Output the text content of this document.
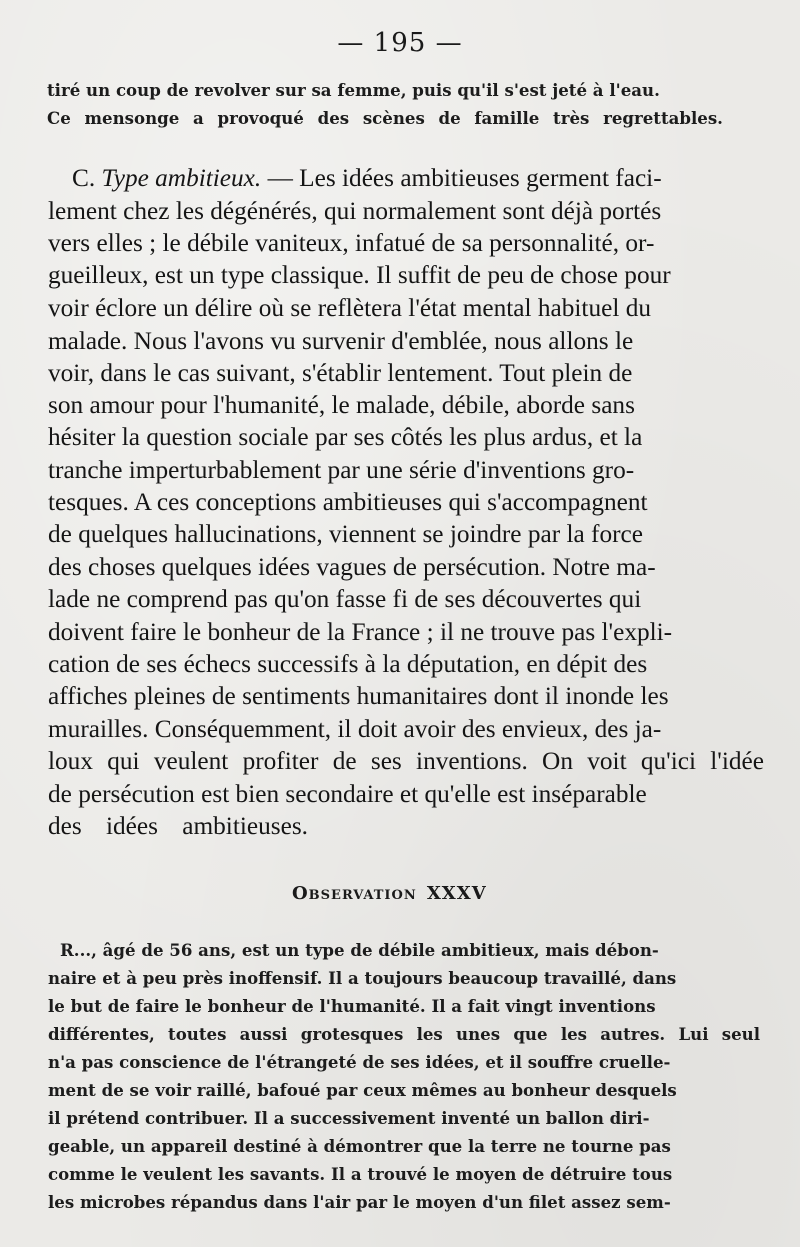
— 195 —

tiré un coup de revolver sur sa femme, puis qu'il s'est jeté à l'eau.

Ce mensonge a provoqué des scènes de famille très regrettables.

C. Type ambitieux. — Les idées ambitieuses germent faci-

lement chez les dégénérés, qui normalement sont déjà portés

vers elles ; le débile vaniteux, infatué de sa personnalité, or-

gueilleux, est un type classique. Il suffit de peu de chose pour

voir éclore un délire où se reflètera l'état mental habituel du

malade. Nous l'avons vu survenir d'emblée, nous allons le

voir, dans le cas suivant, s'établir lentement. Tout plein de

son amour pour l'humanité, le malade, débile, aborde sans

hésiter la question sociale par ses côtés les plus ardus, et la

tranche imperturbablement par une série d'inventions gro-

tesques. A ces conceptions ambitieuses qui s'accompagnent

de quelques hallucinations, viennent se joindre par la force

des choses quelques idées vagues de persécution. Notre ma-

lade ne comprend pas qu'on fasse fi de ses découvertes qui

doivent faire le bonheur de la France ; il ne trouve pas l'expli-

cation de ses échecs successifs à la députation, en dépit des

affiches pleines de sentiments humanitaires dont il inonde les

murailles. Conséquemment, il doit avoir des envieux, des ja-

loux qui veulent profiter de ses inventions. On voit qu'ici l'idée

de persécution est bien secondaire et qu'elle est inséparable

des idées ambitieuses.

Observation XXXV

R..., âgé de 56 ans, est un type de débile ambitieux, mais débon-

naire et à peu près inoffensif. Il a toujours beaucoup travaillé, dans

le but de faire le bonheur de l'humanité. Il a fait vingt inventions

différentes, toutes aussi grotesques les unes que les autres. Lui seul

n'a pas conscience de l'étrangeté de ses idées, et il souffre cruelle-

ment de se voir raillé, bafoué par ceux mêmes au bonheur desquels

il prétend contribuer. Il a successivement inventé un ballon diri-

geable, un appareil destiné à démontrer que la terre ne tourne pas

comme le veulent les savants. Il a trouvé le moyen de détruire tous

les microbes répandus dans l'air par le moyen d'un filet assez sem-
